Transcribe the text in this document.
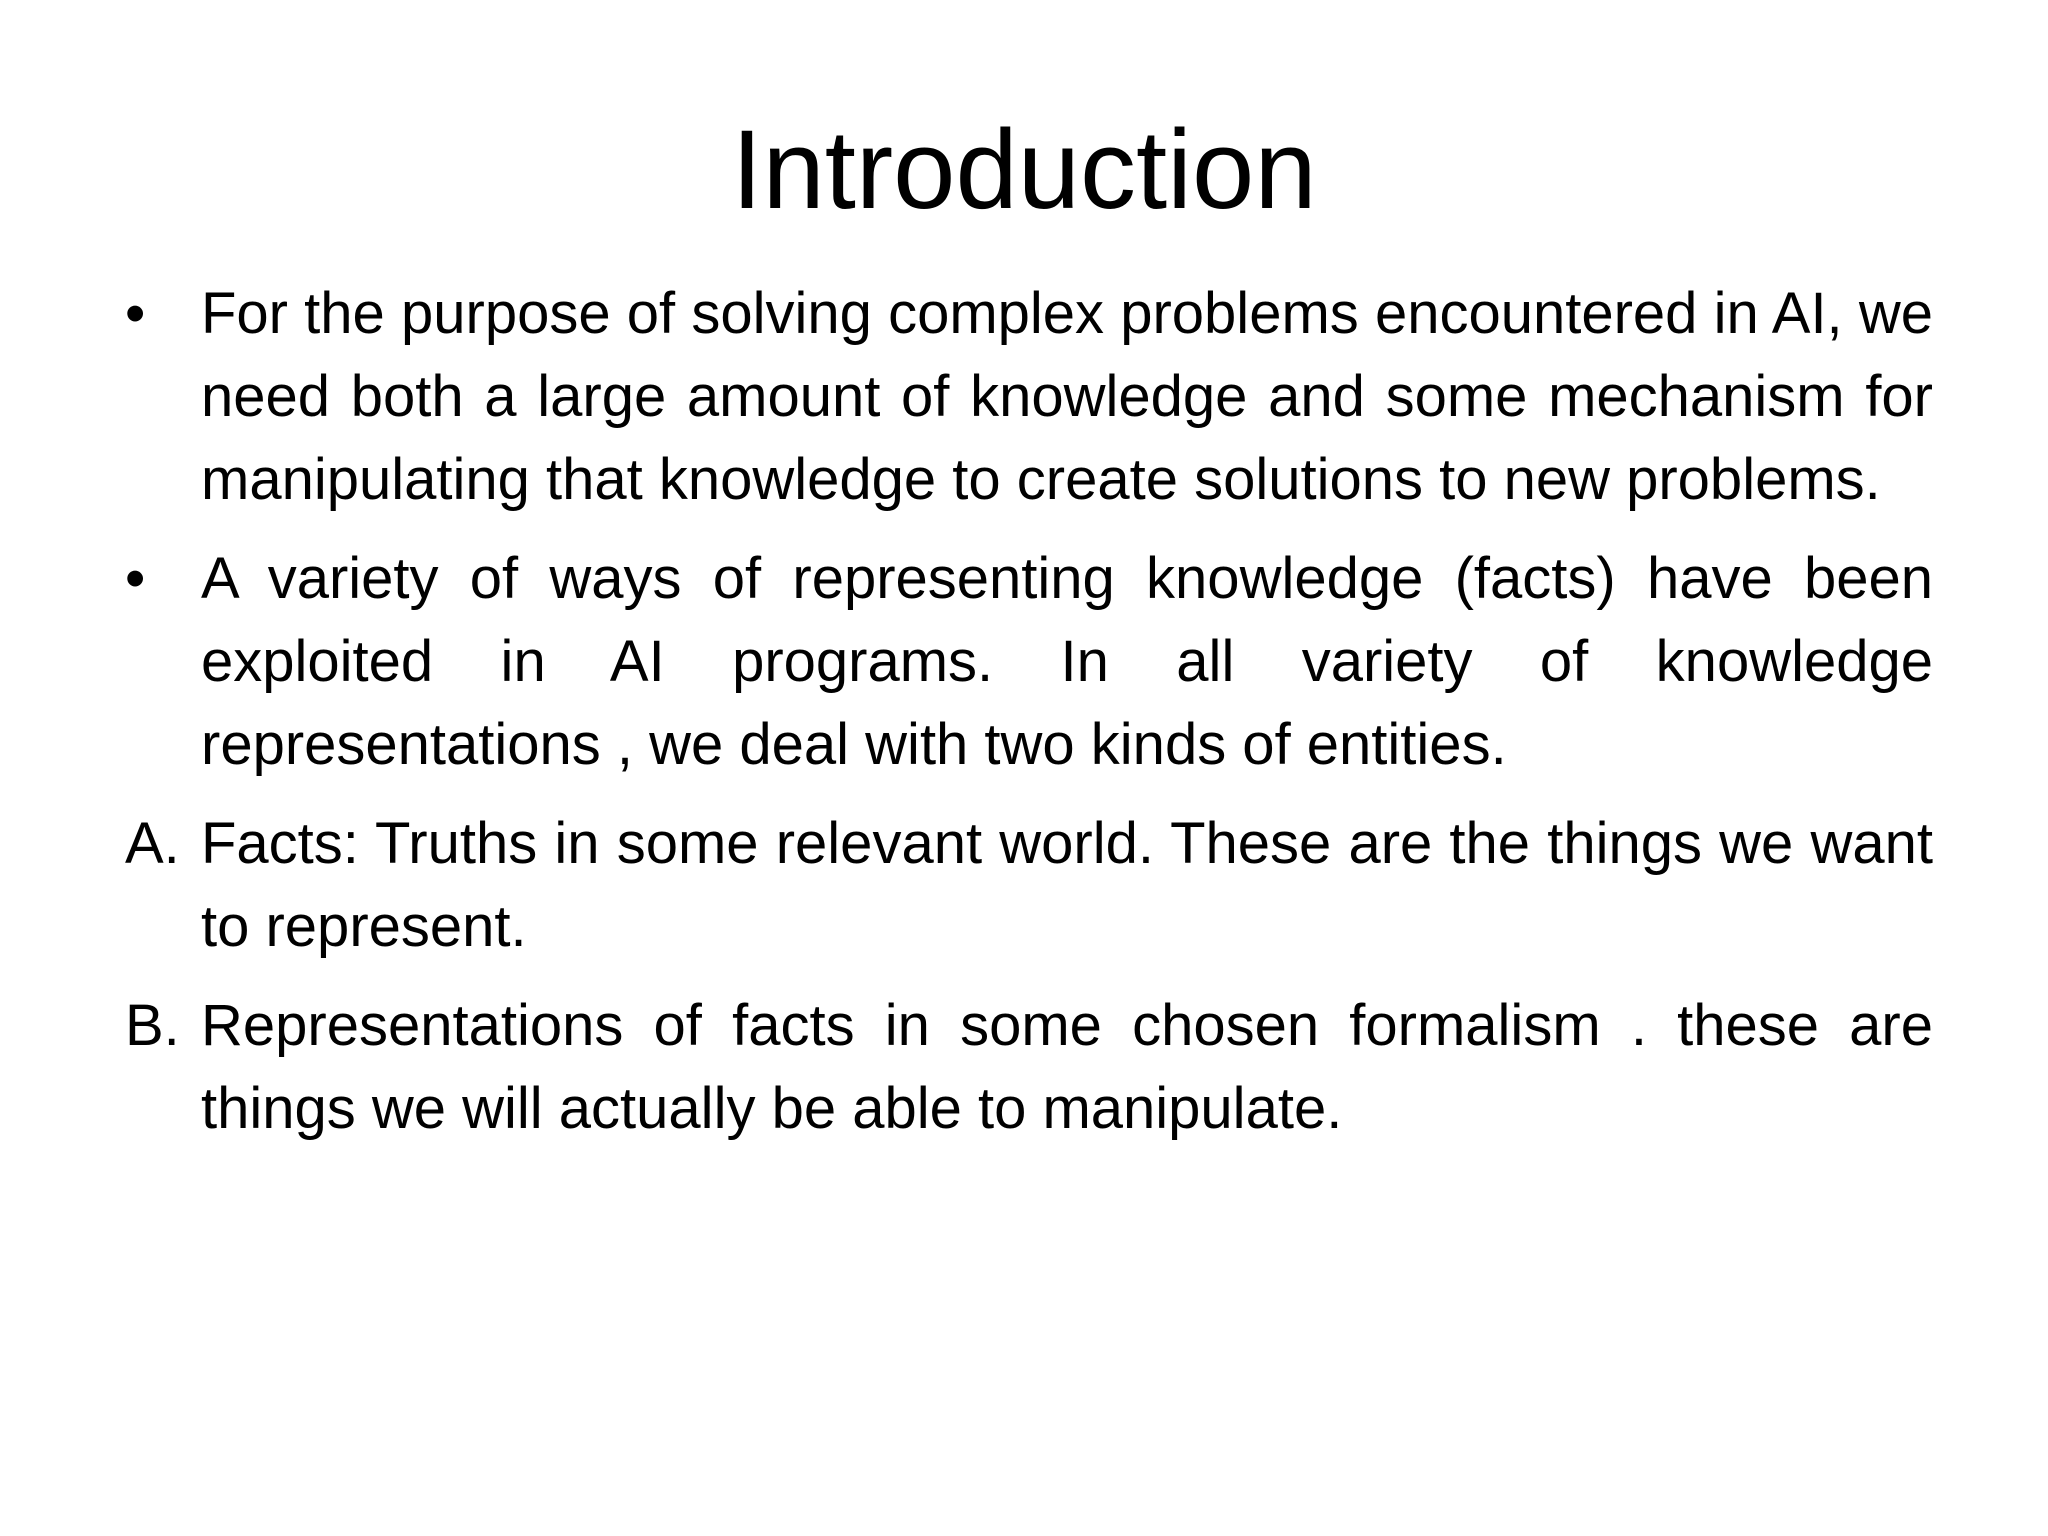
Introduction
• For the purpose of solving complex problems encountered in AI, we need both a large amount of knowledge and some mechanism for manipulating that knowledge to create solutions to new problems.
• A variety of ways of representing knowledge (facts) have been exploited in AI programs. In all variety of knowledge representations , we deal with two kinds of entities.
A. Facts: Truths in some relevant world. These are the things we want to represent.
B. Representations of facts in some chosen formalism . these are things we will actually be able to manipulate.
